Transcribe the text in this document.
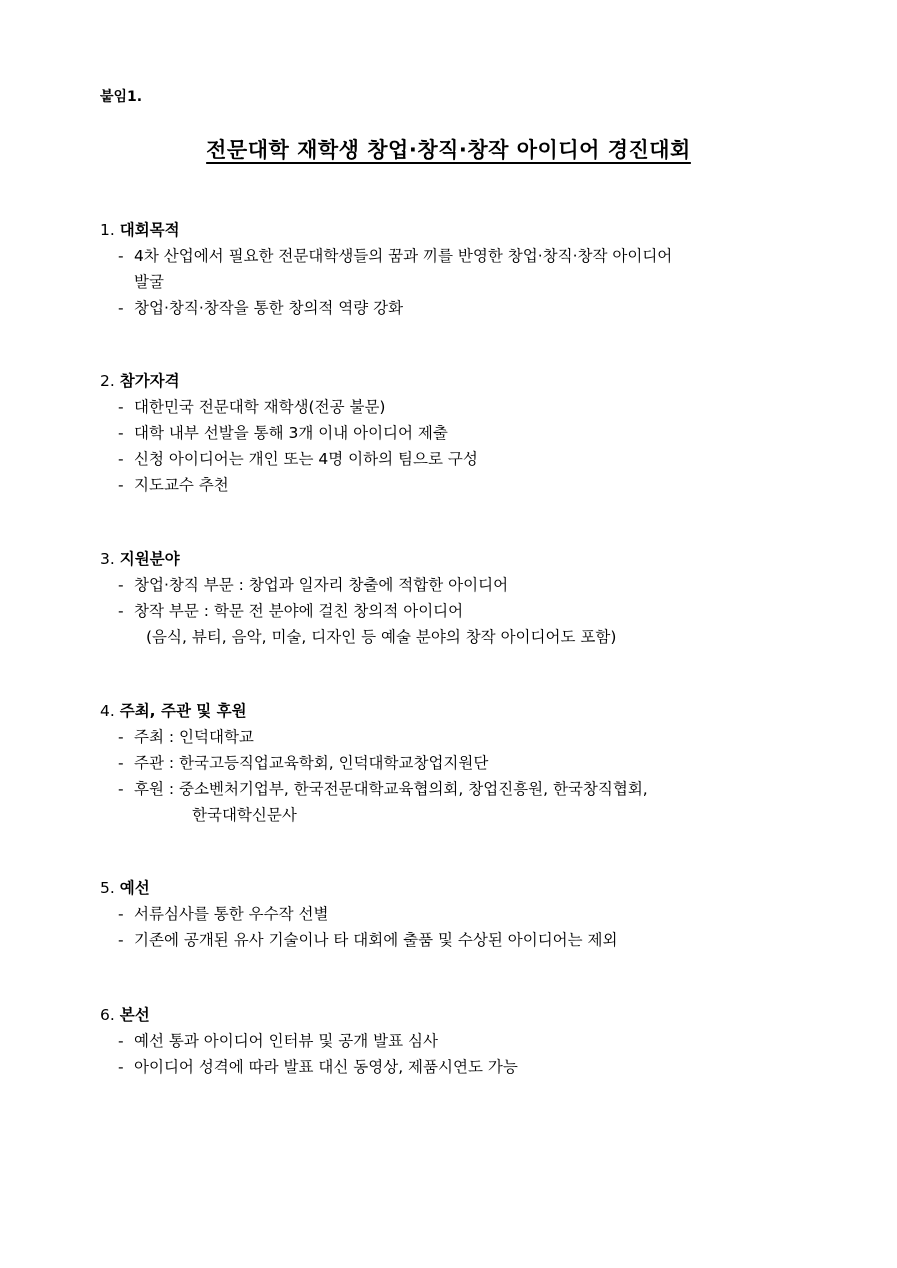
붙임1.
전문대학 재학생 창업·창직·창작 아이디어 경진대회
1. 대회목적
- 4차 산업에서 필요한 전문대학생들의 꿈과 끼를 반영한 창업·창직·창작 아이디어
발굴
- 창업·창직·창작을 통한 창의적 역량 강화
2. 참가자격
- 대한민국 전문대학 재학생(전공 불문)
- 대학 내부 선발을 통해 3개 이내 아이디어 제출
- 신청 아이디어는 개인 또는 4명 이하의 팀으로 구성
- 지도교수 추천
3. 지원분야
- 창업·창직 부문 : 창업과 일자리 창출에 적합한 아이디어
- 창작 부문 : 학문 전 분야에 걸친 창의적 아이디어
(음식, 뷰티, 음악, 미술, 디자인 등 예술 분야의 창작 아이디어도 포함)
4. 주최, 주관 및 후원
- 주최 : 인덕대학교
- 주관 : 한국고등직업교육학회, 인덕대학교창업지원단
- 후원 : 중소벤처기업부, 한국전문대학교육협의회, 창업진흥원, 한국창직협회,
한국대학신문사
5. 예선
- 서류심사를 통한 우수작 선별
- 기존에 공개된 유사 기술이나 타 대회에 출품 및 수상된 아이디어는 제외
6. 본선
- 예선 통과 아이디어 인터뷰 및 공개 발표 심사
- 아이디어 성격에 따라 발표 대신 동영상, 제품시연도 가능
